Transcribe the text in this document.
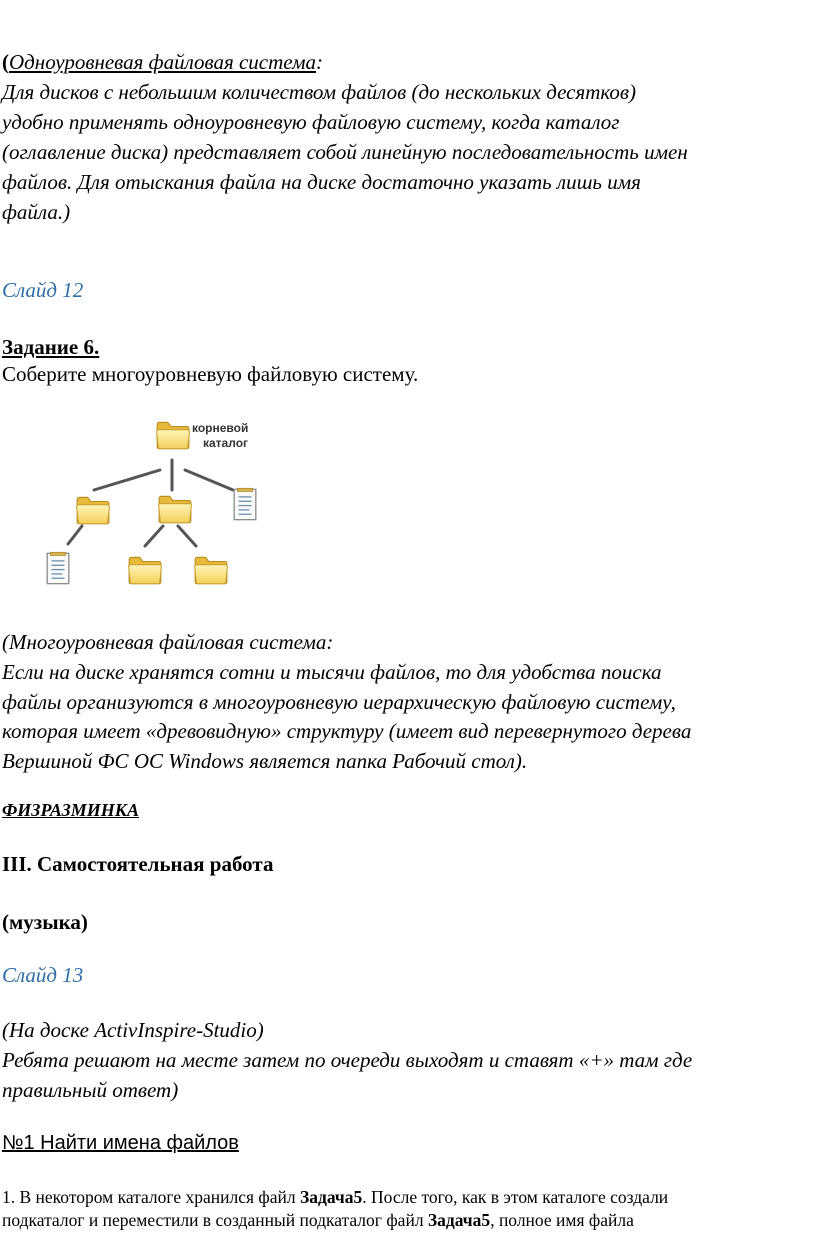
(Одноуровневая файловая система:
Для дисков с небольшим количеством файлов (до нескольких десятков)
удобно применять одноуровневую файловую систему, когда каталог
(оглавление диска) представляет собой линейную последовательность имен
файлов. Для отыскания файла на диске достаточно указать лишь имя
файла.)
Слайд 12
Задание 6.
Соберите многоуровневую файловую систему.
корневой
каталог
(Многоуровневая файловая система:
Если на диске хранятся сотни и тысячи файлов, то для удобства поиска
файлы организуются в многоуровневую иерархическую файловую систему,
которая имеет «древовидную» структуру (имеет вид перевернутого дерева
Вершиной ФС ОС Windows является папка Рабочий стол).
ФИЗРАЗМИНКА
III. Самостоятельная работа
(музыка)
Слайд 13
(На доске ActivInspire-Studio)
Ребята решают на месте затем по очереди выходят и ставят «+» там где
правильный ответ)
№1 Найти имена файлов
1. В некотором каталоге хранился файл Задача5. После того, как в этом каталоге создали
подкаталог и переместили в созданный подкаталог файл Задача5, полное имя файла
